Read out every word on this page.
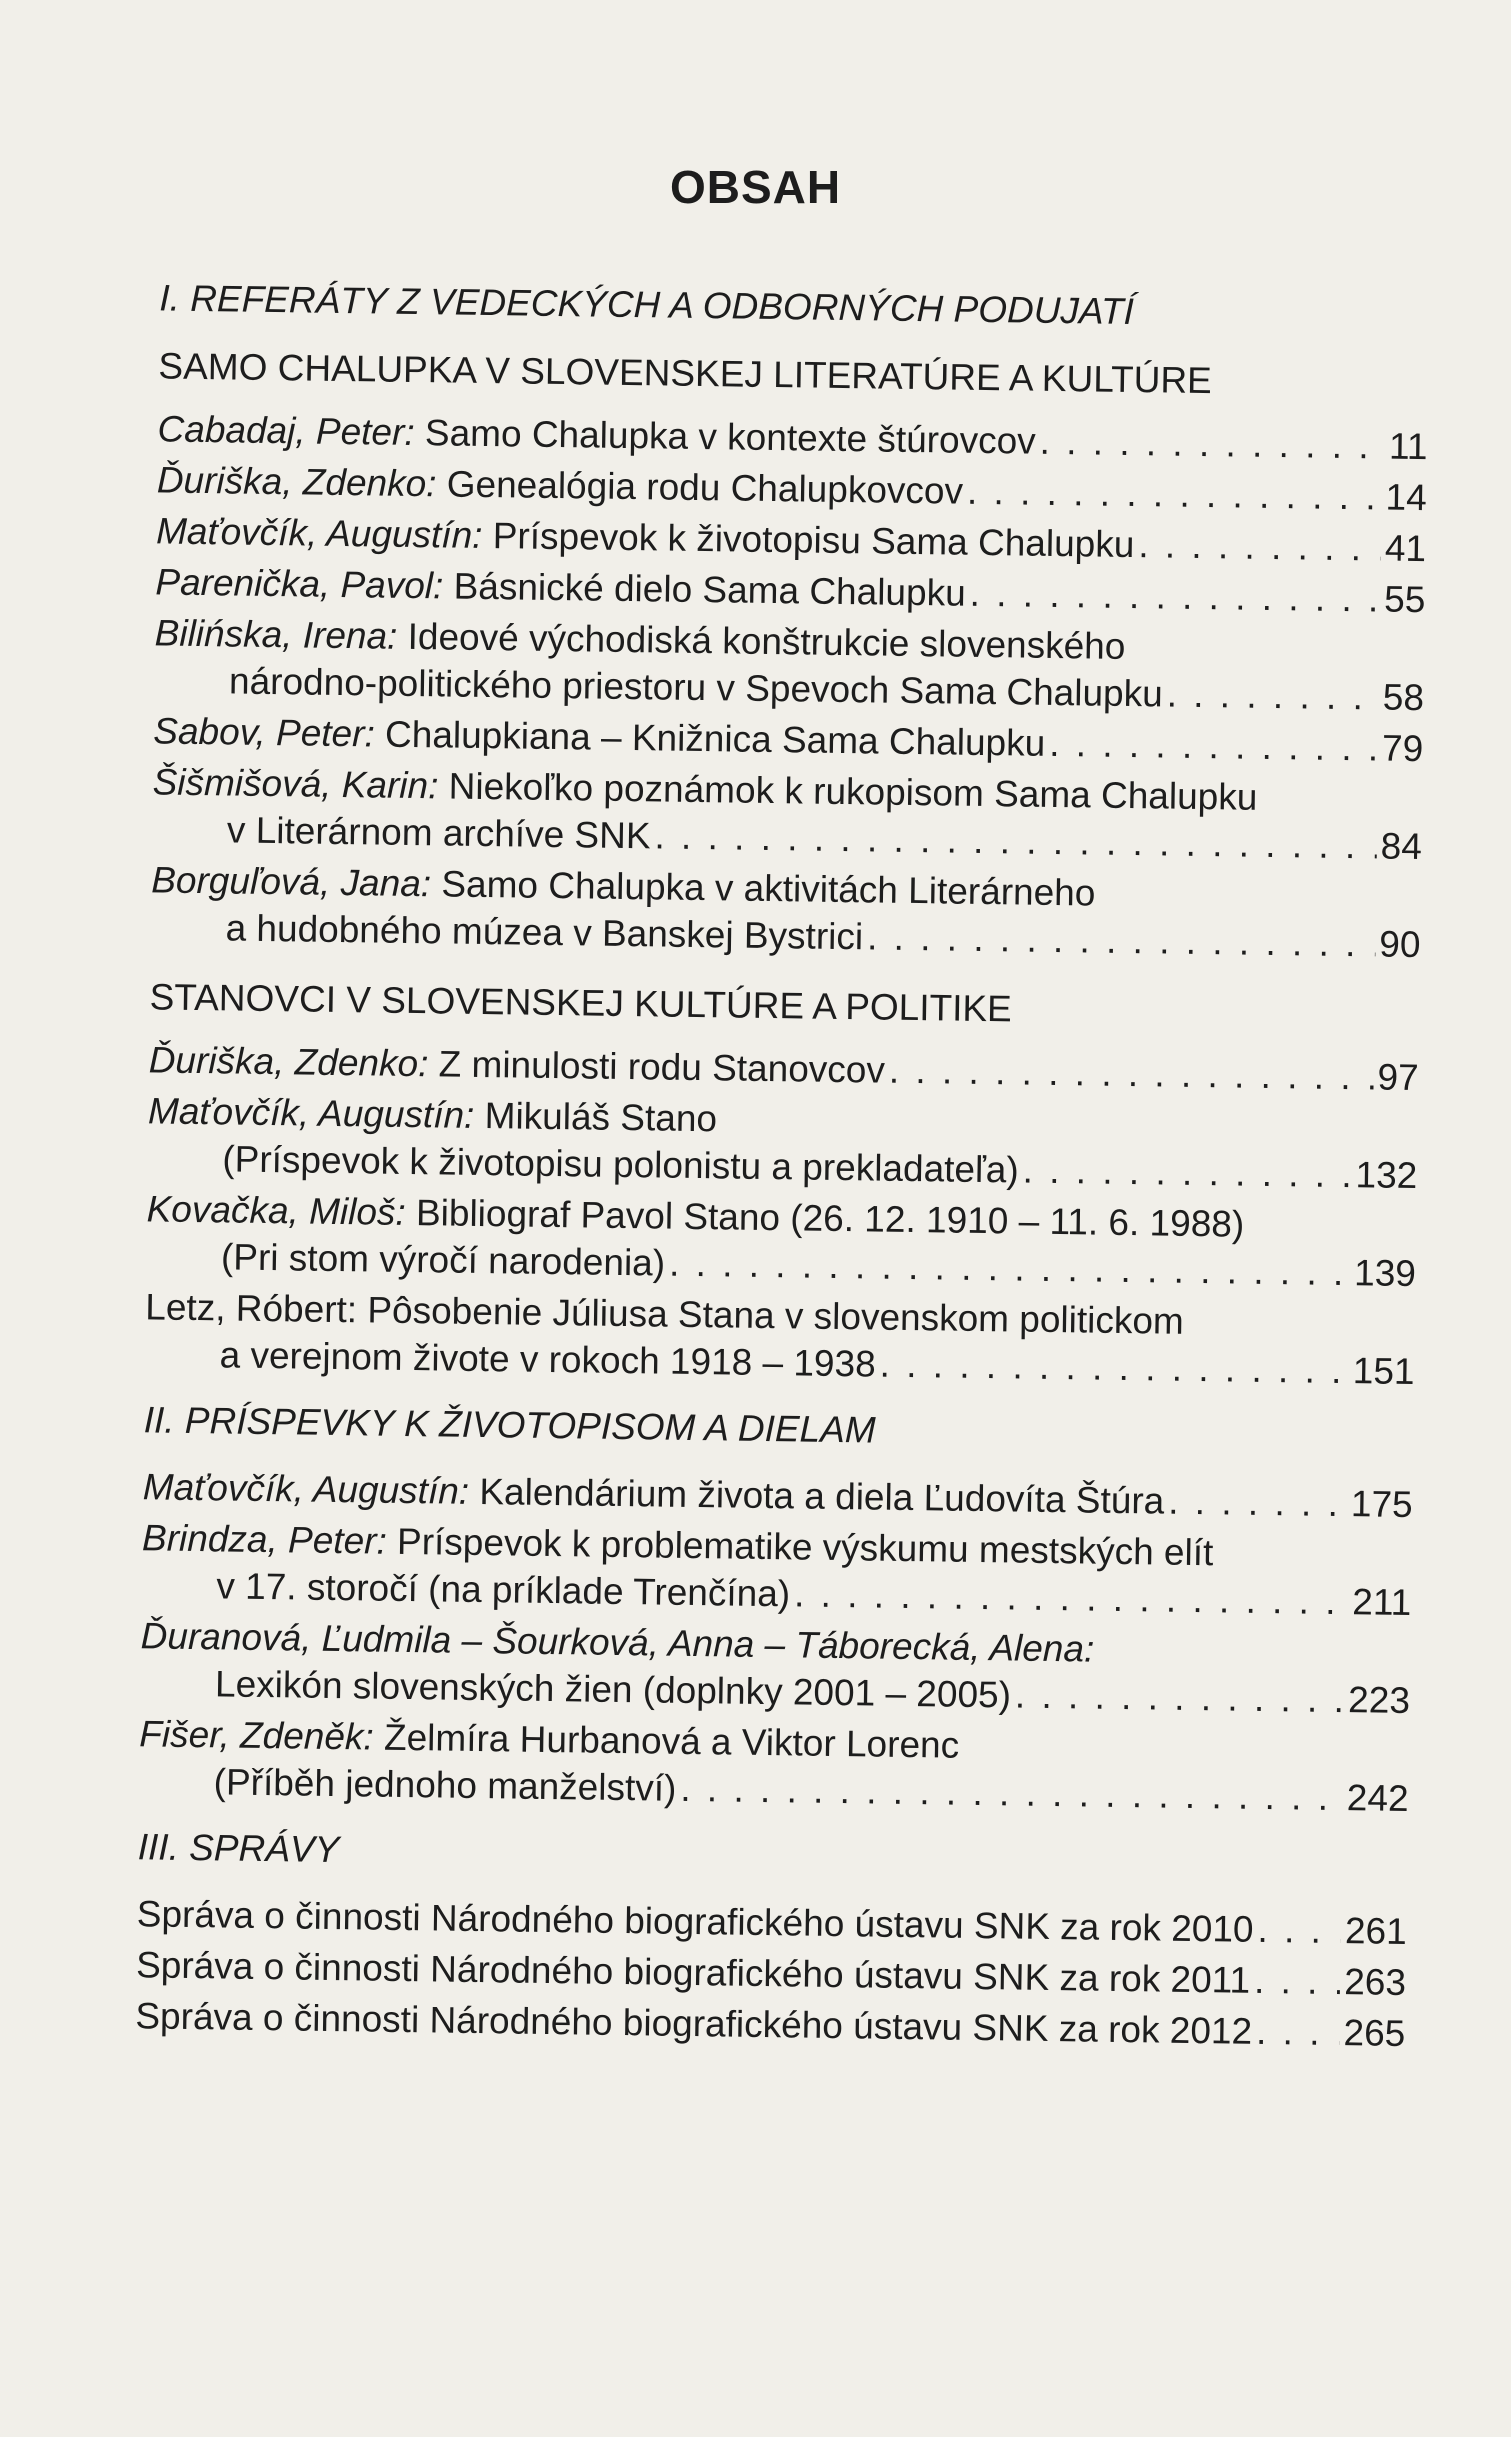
OBSAH
I. REFERÁTY Z VEDECKÝCH A ODBORNÝCH PODUJATÍ
SAMO CHALUPKA V SLOVENSKEJ LITERATÚRE A KULTÚRE
Cabadaj, Peter: Samo Chalupka v kontexte štúrovcov . . .	11
Ďuriška, Zdenko: Genealógia rodu Chalupkovcov . . .	14
Maťovčík, Augustín: Príspevok k životopisu Sama Chalupku . . .	41
Parenička, Pavol: Básnické dielo Sama Chalupku . . .	55
Bilińska, Irena: Ideové východiská konštrukcie slovenského
národno-politického priestoru v Spevoch Sama Chalupku . . .	58
Sabov, Peter: Chalupkiana – Knižnica Sama Chalupku . . .	79
Šišmišová, Karin: Niekoľko poznámok k rukopisom Sama Chalupku
v Literárnom archíve SNK . . .	84
Borguľová, Jana: Samo Chalupka v aktivitách Literárneho
a hudobného múzea v Banskej Bystrici . . .	90
STANOVCI V SLOVENSKEJ KULTÚRE A POLITIKE
Ďuriška, Zdenko: Z minulosti rodu Stanovcov . . .	97
Maťovčík, Augustín: Mikuláš Stano
(Príspevok k životopisu polonistu a prekladateľa) . . .	132
Kovačka, Miloš: Bibliograf Pavol Stano (26. 12. 1910 – 11. 6. 1988)
(Pri stom výročí narodenia) . . .	139
Letz, Róbert: Pôsobenie Júliusa Stana v slovenskom politickom
a verejnom živote v rokoch 1918 – 1938 . . .	151
II. PRÍSPEVKY K ŽIVOTOPISOM A DIELAM
Maťovčík, Augustín: Kalendárium života a diela Ľudovíta Štúra . . .	175
Brindza, Peter: Príspevok k problematike výskumu mestských elít
v 17. storočí (na príklade Trenčína) . . .	211
Ďuranová, Ľudmila – Šourková, Anna – Táborecká, Alena:
Lexikón slovenských žien (doplnky 2001 – 2005) . . .	223
Fišer, Zdeněk: Želmíra Hurbanová a Viktor Lorenc
(Příběh jednoho manželství) . . .	242
III. SPRÁVY
Správa o činnosti Národného biografického ústavu SNK za rok 2010 . . . 261
Správa o činnosti Národného biografického ústavu SNK za rok 2011 . . .	263
Správa o činnosti Národného biografického ústavu SNK za rok 2012 . . . 265
